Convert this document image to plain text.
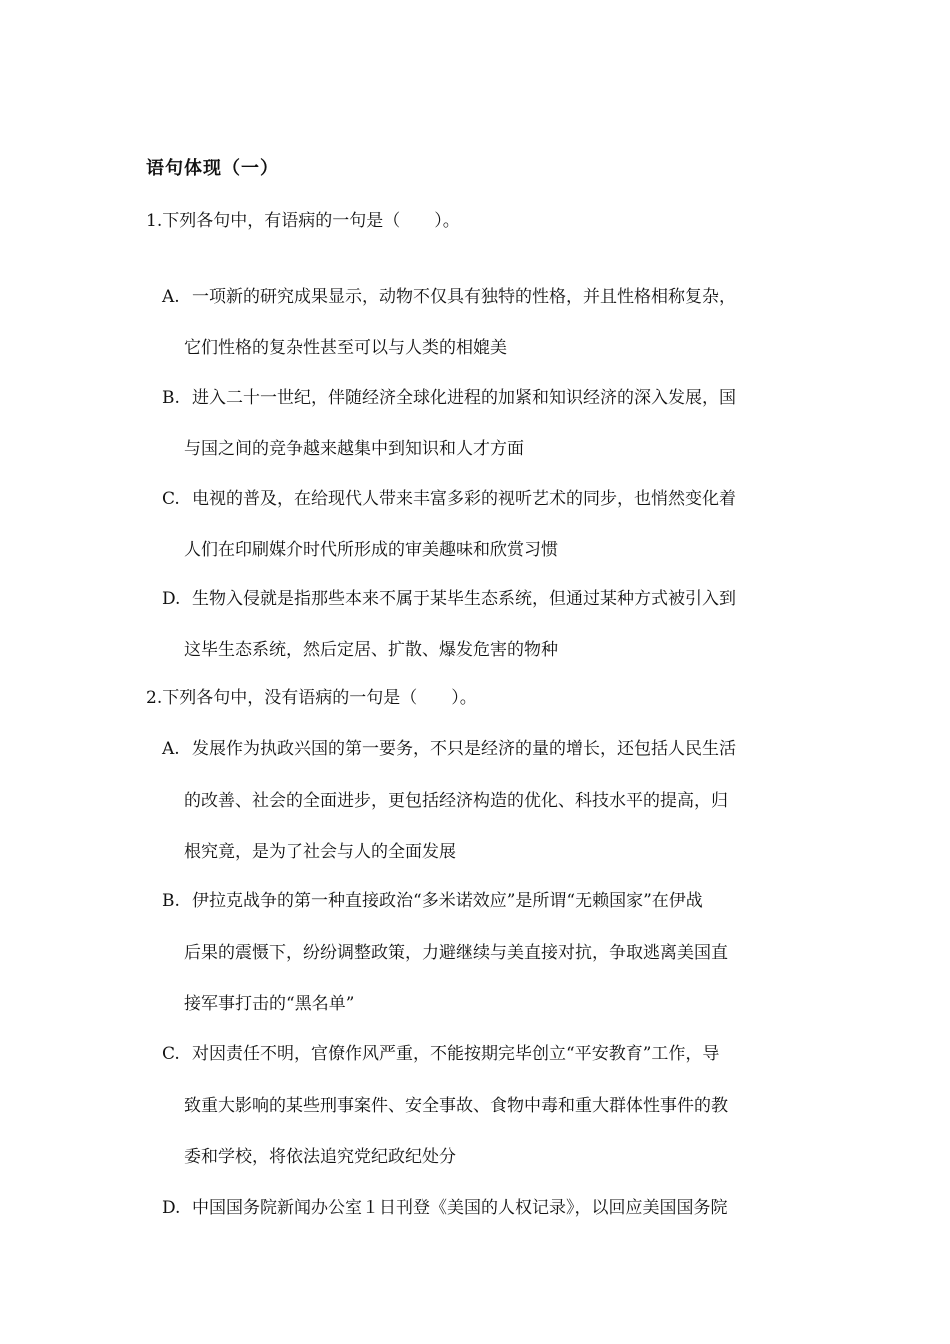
语句体现（一）
1.下列各句中，有语病的一句是（　　）。
A. 一项新的研究成果显示，动物不仅具有独特的性格，并且性格相称复杂，
它们性格的复杂性甚至可以与人类的相媲美
B. 进入二十一世纪，伴随经济全球化进程的加紧和知识经济的深入发展，国
与国之间的竞争越来越集中到知识和人才方面
C. 电视的普及，在给现代人带来丰富多彩的视听艺术的同步，也悄然变化着
人们在印刷媒介时代所形成的审美趣味和欣赏习惯
D. 生物入侵就是指那些本来不属于某毕生态系统，但通过某种方式被引入到
这毕生态系统，然后定居、扩散、爆发危害的物种
2.下列各句中，没有语病的一句是（　　）。
A. 发展作为执政兴国的第一要务，不只是经济的量的增长，还包括人民生活
的改善、社会的全面进步，更包括经济构造的优化、科技水平的提高，归
根究竟，是为了社会与人的全面发展
B. 伊拉克战争的第一种直接政治“多米诺效应”是所谓“无赖国家”在伊战
后果的震慑下，纷纷调整政策，力避继续与美直接对抗，争取逃离美国直
接军事打击的“黑名单”
C. 对因责任不明，官僚作风严重，不能按期完毕创立“平安教育”工作，导
致重大影响的某些刑事案件、安全事故、食物中毒和重大群体性事件的教
委和学校，将依法追究党纪政纪处分
D. 中国国务院新闻办公室１日刊登《美国的人权记录》，以回应美国国务院
